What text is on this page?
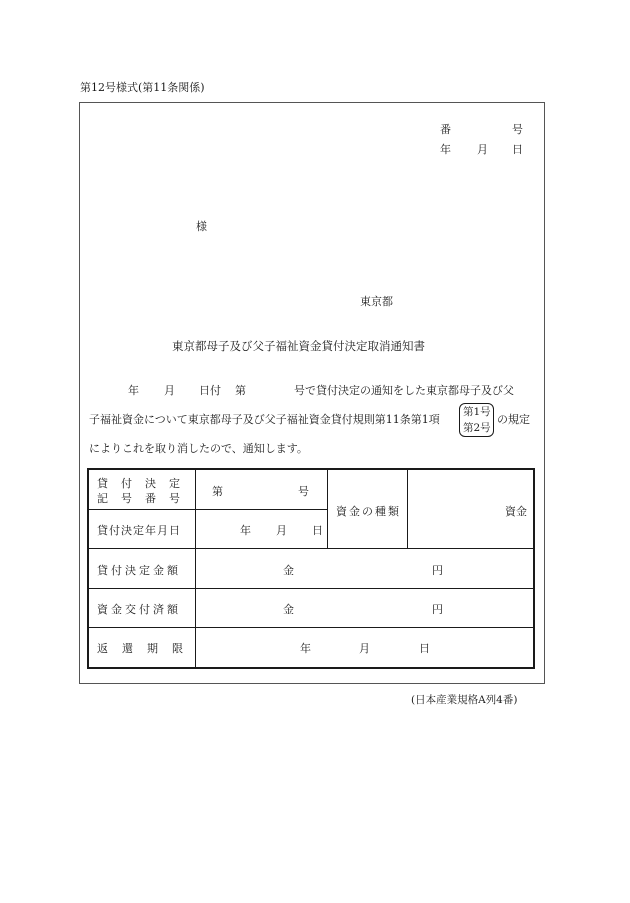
第12号様式(第11条関係)
番	号
年 月 日
様
東京都
東京都母子及び父子福祉資金貸付決定取消通知書
年 月 日付 第	号で貸付決定の通知をした東京都母子及び父
子福祉資金について東京都母子及び父子福祉資金貸付規則第11条第1項
第1号
第2号
の規定
によりこれを取り消したので、通知します。
貸付決定
記号番号
第	号
資金の種類	資金
貸付決定年月日	年 月 日
貸付決定金額	金	円
資金交付済額	金	円
返還期限	年	月	日
(日本産業規格A列4番)
